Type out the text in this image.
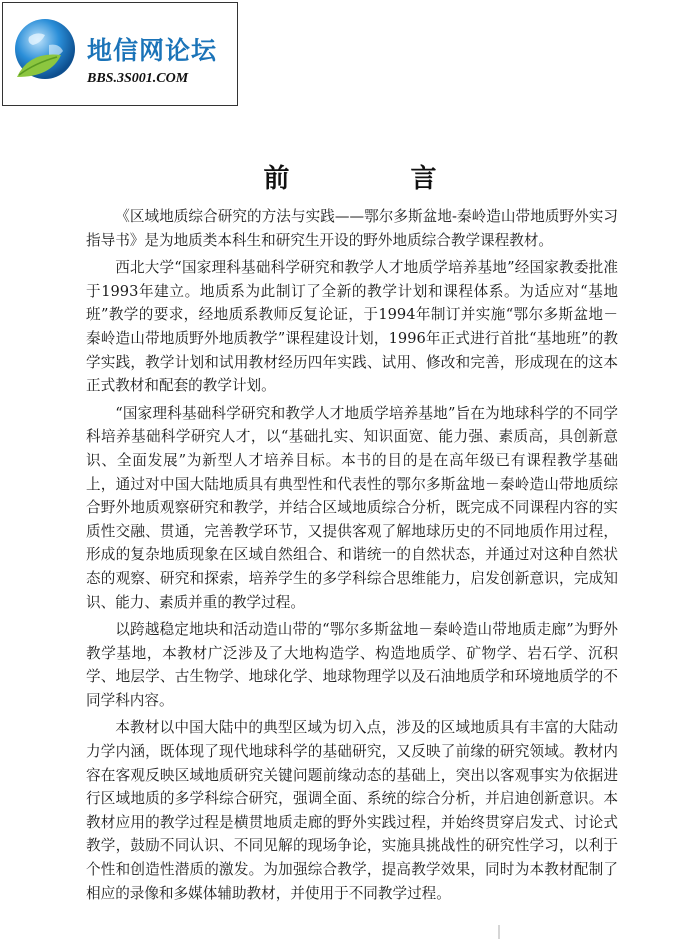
地信网论坛
BBS.3S001.COM
前 言

《区域地质综合研究的方法与实践——鄂尔多斯盆地-秦岭造山带地质野外实习指导书》是为地质类本科生和研究生开设的野外地质综合教学课程教材。

西北大学“国家理科基础科学研究和教学人才地质学培养基地”经国家教委批准于1993年建立。地质系为此制订了全新的教学计划和课程体系。为适应对“基地班”教学的要求，经地质系教师反复论证，于1994年制订并实施“鄂尔多斯盆地－秦岭造山带地质野外地质教学”课程建设计划，1996年正式进行首批“基地班”的教学实践，教学计划和试用教材经历四年实践、试用、修改和完善，形成现在的这本正式教材和配套的教学计划。

“国家理科基础科学研究和教学人才地质学培养基地”旨在为地球科学的不同学科培养基础科学研究人才，以“基础扎实、知识面宽、能力强、素质高，具创新意识、全面发展”为新型人才培养目标。本书的目的是在高年级已有课程教学基础上，通过对中国大陆地质具有典型性和代表性的鄂尔多斯盆地－秦岭造山带地质综合野外地质观察研究和教学，并结合区域地质综合分析，既完成不同课程内容的实质性交融、贯通，完善教学环节，又提供客观了解地球历史的不同地质作用过程，形成的复杂地质现象在区域自然组合、和谐统一的自然状态，并通过对这种自然状态的观察、研究和探索，培养学生的多学科综合思维能力，启发创新意识，完成知识、能力、素质并重的教学过程。

以跨越稳定地块和活动造山带的“鄂尔多斯盆地－秦岭造山带地质走廊”为野外教学基地，本教材广泛涉及了大地构造学、构造地质学、矿物学、岩石学、沉积学、地层学、古生物学、地球化学、地球物理学以及石油地质学和环境地质学的不同学科内容。

本教材以中国大陆中的典型区域为切入点，涉及的区域地质具有丰富的大陆动力学内涵，既体现了现代地球科学的基础研究，又反映了前缘的研究领域。教材内容在客观反映区域地质研究关键问题前缘动态的基础上，突出以客观事实为依据进行区域地质的多学科综合研究，强调全面、系统的综合分析，并启迪创新意识。本教材应用的教学过程是横贯地质走廊的野外实践过程，并始终贯穿启发式、讨论式教学，鼓励不同认识、不同见解的现场争论，实施具挑战性的研究性学习，以利于个性和创造性潜质的激发。为加强综合教学，提高教学效果，同时为本教材配制了相应的录像和多媒体辅助教材，并使用于不同教学过程。
